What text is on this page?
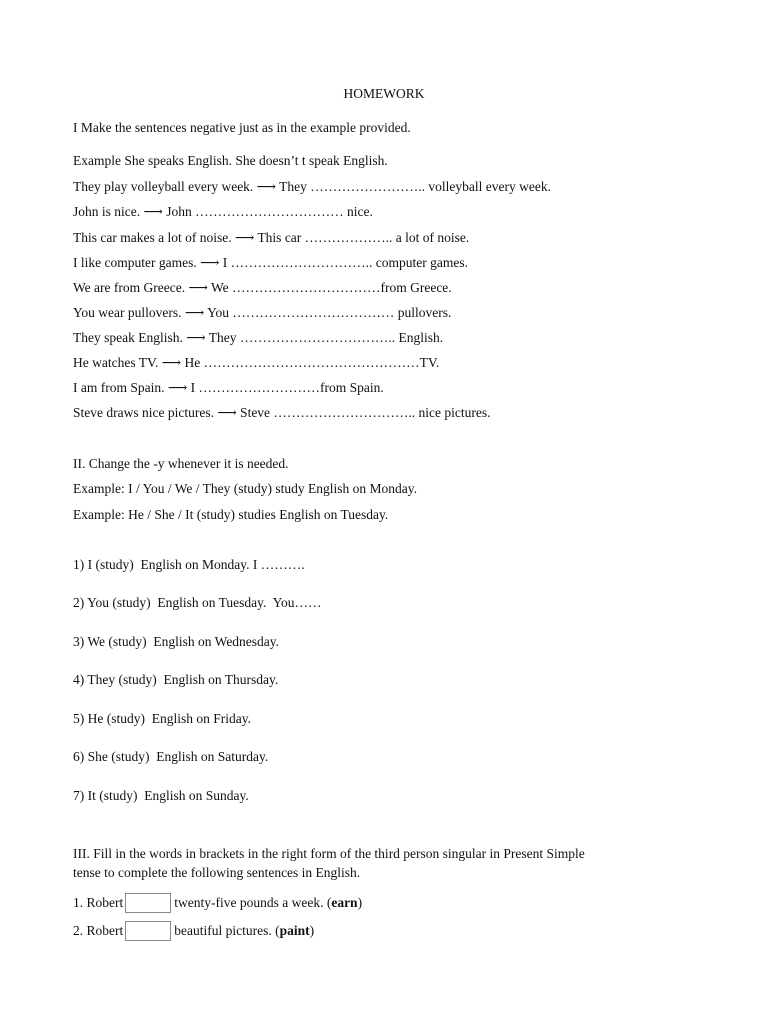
HOMEWORK
I Make the sentences negative just as in the example provided.
Example She speaks English. She doesn’t t speak English.
They play volleyball every week. ⟶ They …………………….. volleyball every week.
John is nice. ⟶ John …………………………… nice.
This car makes a lot of noise. ⟶ This car ……………….. a lot of noise.
I like computer games. ⟶ I ………………………….. computer games.
We are from Greece. ⟶ We ……………………………from Greece.
You wear pullovers. ⟶ You ……………………………… pullovers.
They speak English. ⟶ They …………………………….. English.
He watches TV. ⟶ He …………………………………………TV.
I am from Spain. ⟶ I ………………………from Spain.
Steve draws nice pictures. ⟶ Steve ………………………….. nice pictures.
II. Change the -y whenever it is needed.
Example: I / You / We / They (study) study English on Monday.
Example: He / She / It (study) studies English on Tuesday.
1) I (study)  English on Monday. I ……….
2) You (study)  English on Tuesday.  You……
3) We (study)  English on Wednesday.
4) They (study)  English on Thursday.
5) He (study)  English on Friday.
6) She (study)  English on Saturday.
7) It (study)  English on Sunday.
III. Fill in the words in brackets in the right form of the third person singular in Present Simple
tense to complete the following sentences in English.
1. Robert	twenty-five pounds a week. (earn)
2. Robert	beautiful pictures. (paint)
